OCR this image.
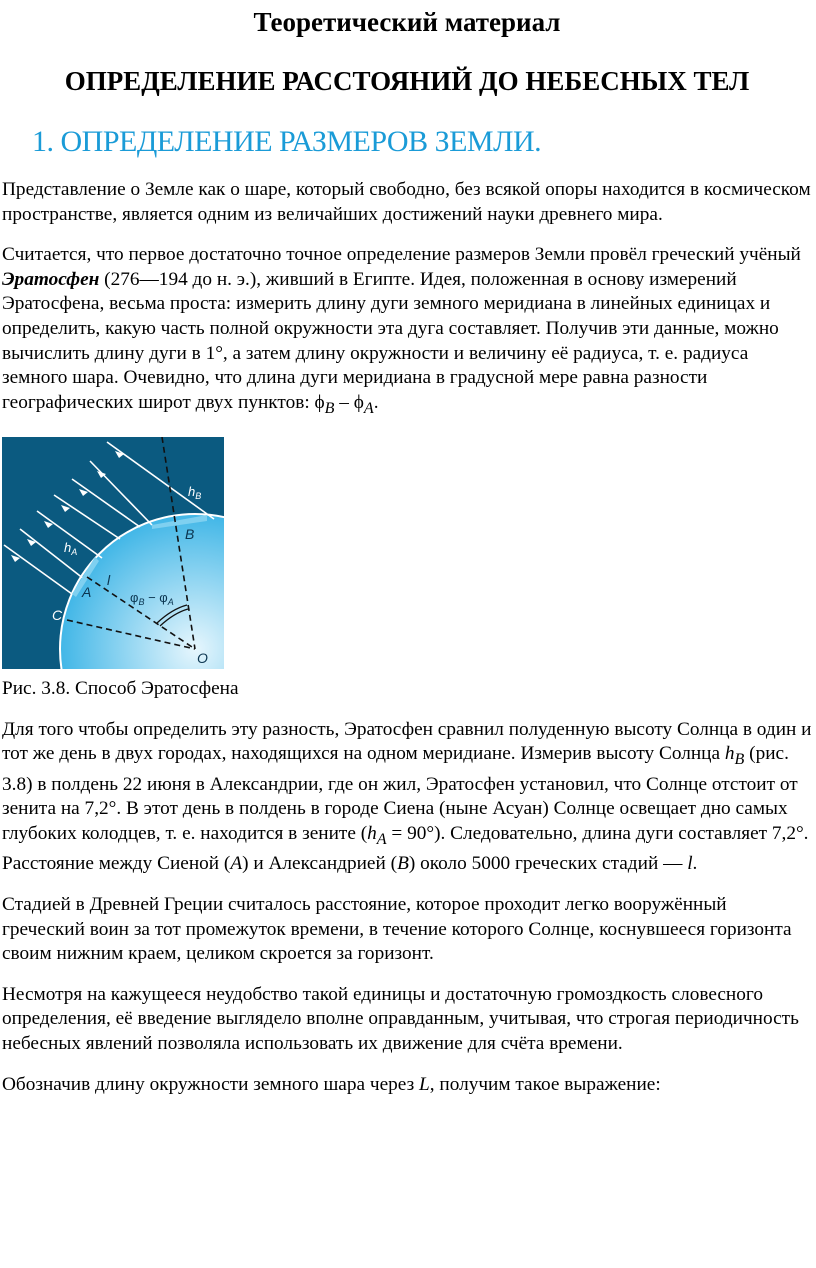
Теоретический материал
ОПРЕДЕЛЕНИЕ РАССТОЯНИЙ ДО НЕБЕСНЫХ ТЕЛ
1. ОПРЕДЕЛЕНИЕ РАЗМЕРОВ ЗЕМЛИ.

Представление о Земле как о шаре, который свободно, без всякой опоры находится в космическом пространстве, является одним из величайших достижений науки древнего мира.

Считается, что первое достаточно точное определение размеров Земли провёл греческий учёный Эратосфен (276—194 до н. э.), живший в Египте. Идея, положенная в основу измерений Эратосфена, весьма проста: измерить длину дуги земного меридиана в линейных единицах и определить, какую часть полной окружности эта дуга составляет. Получив эти данные, можно вычислить длину дуги в 1°, а затем длину окружности и величину её радиуса, т. е. радиуса земного шара. Очевидно, что длина дуги меридиана в градусной мере равна разности географических широт двух пунктов: $\phi_B - \phi_A$.

$h_B$
$h_A$
B
A
l
C
O
$\varphi_B - \varphi_A$

Рис. 3.8. Способ Эратосфена

Для того чтобы определить эту разность, Эратосфен сравнил полуденную высоту Солнца в один и тот же день в двух городах, находящихся на одном меридиане. Измерив высоту Солнца $h_B$ (рис. 3.8) в полдень 22 июня в Александрии, где он жил, Эратосфен установил, что Солнце отстоит от зенита на 7,2°. В этот день в полдень в городе Сиена (ныне Асуан) Солнце освещает дно самых глубоких колодцев, т. е. находится в зените $(h_A = 90^\circ)$. Следовательно, длина дуги составляет 7,2°. Расстояние между Сиеной (A) и Александрией (B) около 5000 греческих стадий — l.

Стадией в Древней Греции считалось расстояние, которое проходит легко вооружённый греческий воин за тот промежуток времени, в течение которого Солнце, коснувшееся горизонта своим нижним краем, целиком скроется за горизонт.

Несмотря на кажущееся неудобство такой единицы и достаточную громоздкость словесного определения, её введение выглядело вполне оправданным, учитывая, что строгая периодичность небесных явлений позволяла использовать их движение для счёта времени.

Обозначив длину окружности земного шара через L, получим такое выражение:
